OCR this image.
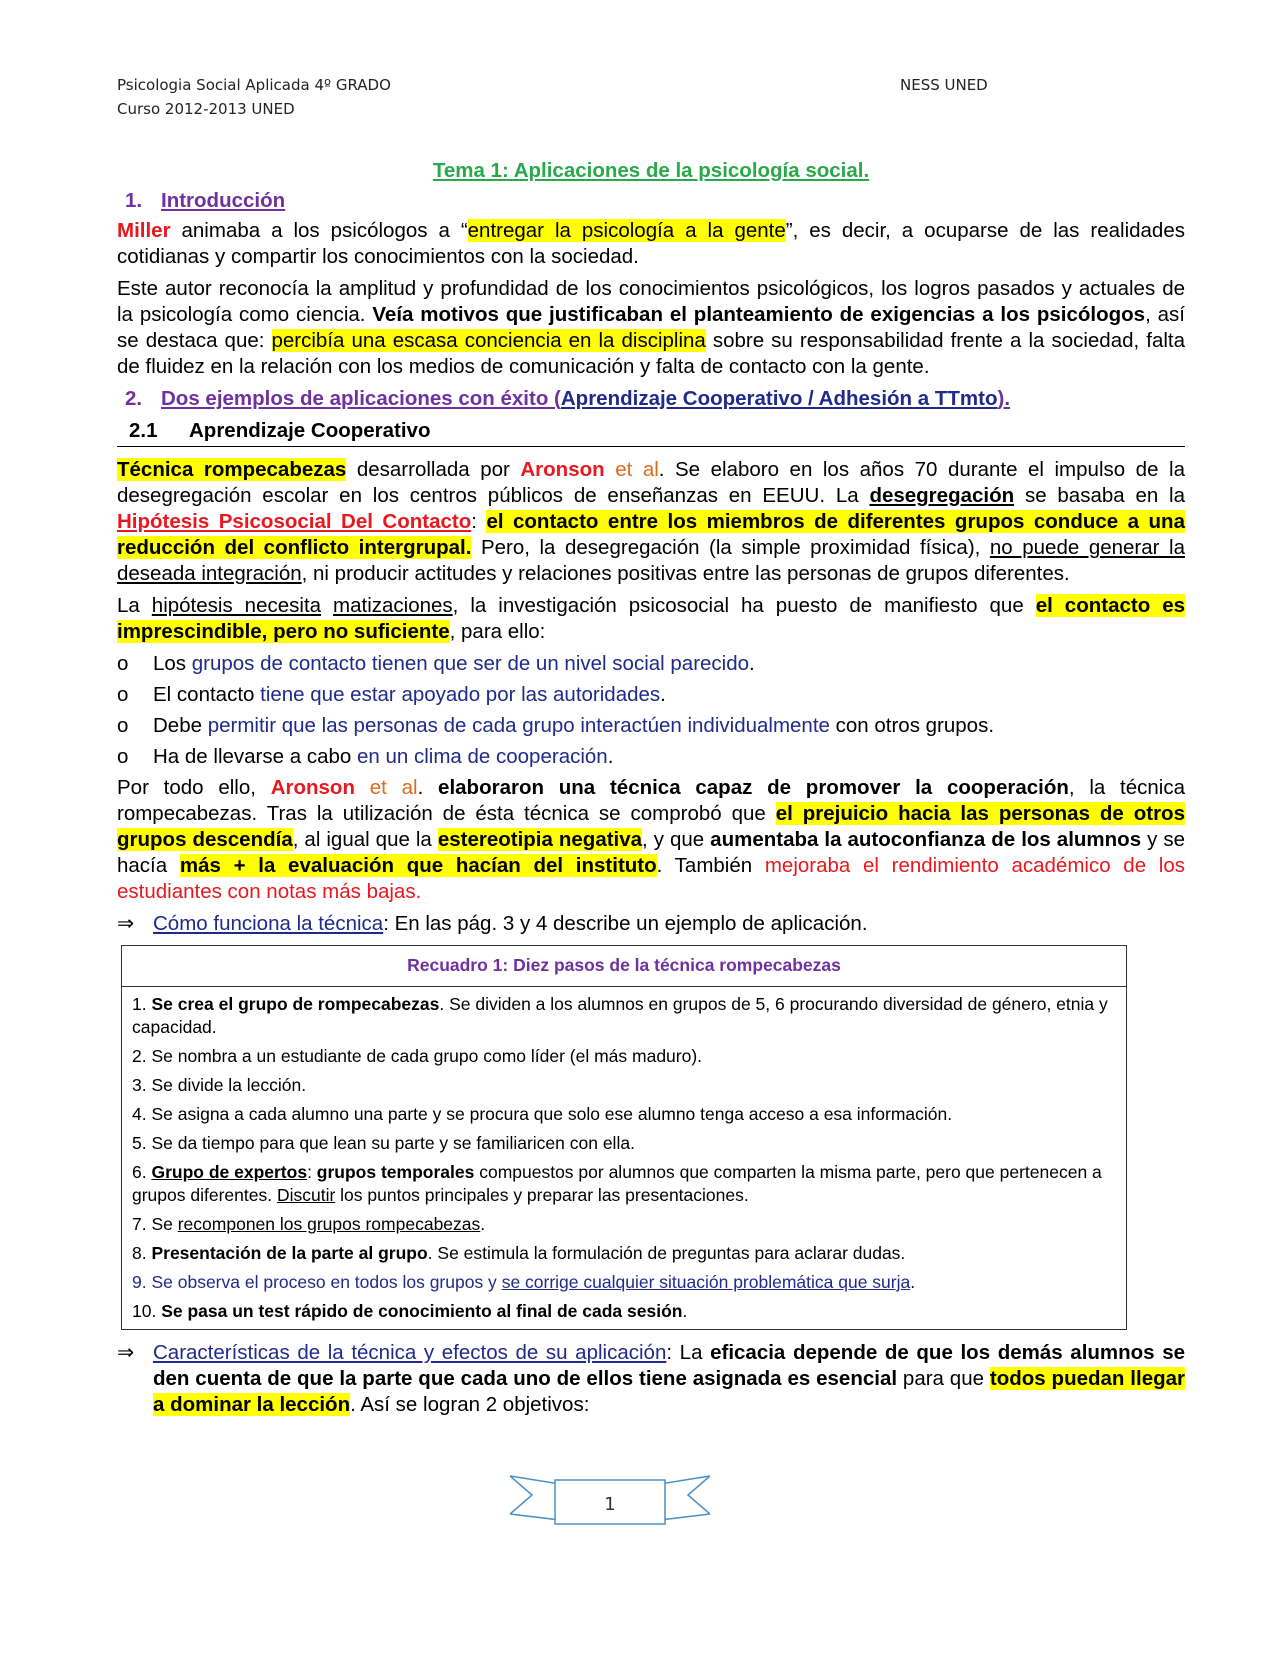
Psicologia Social Aplicada 4º GRADO
Curso 2012-2013 UNED
NESS UNED
Tema 1: Aplicaciones de la psicología social.
1. Introducción

Miller animaba a los psicólogos a “entregar la psicología a la gente”, es decir, a ocuparse de las realidades cotidianas y compartir los conocimientos con la sociedad.

Este autor reconocía la amplitud y profundidad de los conocimientos psicológicos, los logros pasados y actuales de la psicología como ciencia. Veía motivos que justificaban el planteamiento de exigencias a los psicólogos, así se destaca que: percibía una escasa conciencia en la disciplina sobre su responsabilidad frente a la sociedad, falta de fluidez en la relación con los medios de comunicación y falta de contacto con la gente.

2. Dos ejemplos de aplicaciones con éxito (Aprendizaje Cooperativo / Adhesión a TTmto).
2.1 Aprendizaje Cooperativo

Técnica rompecabezas desarrollada por Aronson et al. Se elaboro en los años 70 durante el impulso de la desegregación escolar en los centros públicos de enseñanzas en EEUU. La desegregación se basaba en la Hipótesis Psicosocial Del Contacto: el contacto entre los miembros de diferentes grupos conduce a una reducción del conflicto intergrupal. Pero, la desegregación (la simple proximidad física), no puede generar la deseada integración, ni producir actitudes y relaciones positivas entre las personas de grupos diferentes.

La hipótesis necesita matizaciones, la investigación psicosocial ha puesto de manifiesto que el contacto es imprescindible, pero no suficiente, para ello:

o	Los grupos de contacto tienen que ser de un nivel social parecido.
o	El contacto tiene que estar apoyado por las autoridades.
o	Debe permitir que las personas de cada grupo interactúen individualmente con otros grupos.
o	Ha de llevarse a cabo en un clima de cooperación.

Por todo ello, Aronson et al. elaboraron una técnica capaz de promover la cooperación, la técnica rompecabezas. Tras la utilización de ésta técnica se comprobó que el prejuicio hacia las personas de otros grupos descendía, al igual que la estereotipia negativa, y que aumentaba la autoconfianza de los alumnos y se hacía más + la evaluación que hacían del instituto. También mejoraba el rendimiento académico de los estudiantes con notas más bajas.

⇒ Cómo funciona la técnica: En las pág. 3 y 4 describe un ejemplo de aplicación.
Recuadro 1: Diez pasos de la técnica rompecabezas
1. Se crea el grupo de rompecabezas. Se dividen a los alumnos en grupos de 5, 6 procurando diversidad de género, etnia y capacidad.
2. Se nombra a un estudiante de cada grupo como líder (el más maduro).
3. Se divide la lección.
4. Se asigna a cada alumno una parte y se procura que solo ese alumno tenga acceso a esa información.
5. Se da tiempo para que lean su parte y se familiaricen con ella.
6. Grupo de expertos: grupos temporales compuestos por alumnos que comparten la misma parte, pero que pertenecen a grupos diferentes. Discutir los puntos principales y preparar las presentaciones.
7. Se recomponen los grupos rompecabezas.
8. Presentación de la parte al grupo. Se estimula la formulación de preguntas para aclarar dudas.
9. Se observa el proceso en todos los grupos y se corrige cualquier situación problemática que surja.
10. Se pasa un test rápido de conocimiento al final de cada sesión.
⇒ Características de la técnica y efectos de su aplicación: La eficacia depende de que los demás alumnos se den cuenta de que la parte que cada uno de ellos tiene asignada es esencial para que todos puedan llegar a dominar la lección. Así se logran 2 objetivos:
1
